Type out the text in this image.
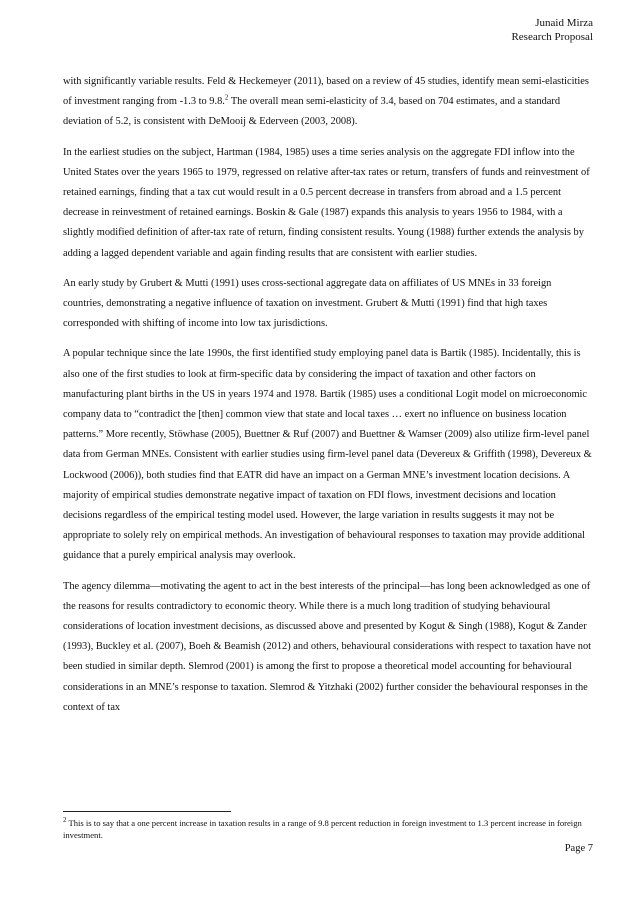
Junaid Mirza
Research Proposal

with significantly variable results. Feld & Heckemeyer (2011), based on a review of 45 studies, identify mean semi-elasticities of investment ranging from -1.3 to 9.8.$^2$ The overall mean semi-elasticity of 3.4, based on 704 estimates, and a standard deviation of 5.2, is consistent with DeMooij & Ederveen (2003, 2008).

In the earliest studies on the subject, Hartman (1984, 1985) uses a time series analysis on the aggregate FDI inflow into the United States over the years 1965 to 1979, regressed on relative after-tax rates or return, transfers of funds and reinvestment of retained earnings, finding that a tax cut would result in a 0.5 percent decrease in transfers from abroad and a 1.5 percent decrease in reinvestment of retained earnings. Boskin & Gale (1987) expands this analysis to years 1956 to 1984, with a slightly modified definition of after-tax rate of return, finding consistent results. Young (1988) further extends the analysis by adding a lagged dependent variable and again finding results that are consistent with earlier studies.

An early study by Grubert & Mutti (1991) uses cross-sectional aggregate data on affiliates of US MNEs in 33 foreign countries, demonstrating a negative influence of taxation on investment. Grubert & Mutti (1991) find that high taxes corresponded with shifting of income into low tax jurisdictions.

A popular technique since the late 1990s, the first identified study employing panel data is Bartik (1985). Incidentally, this is also one of the first studies to look at firm-specific data by considering the impact of taxation and other factors on manufacturing plant births in the US in years 1974 and 1978. Bartik (1985) uses a conditional Logit model on microeconomic company data to “contradict the [then] common view that state and local taxes … exert no influence on business location patterns.” More recently, Stöwhase (2005), Buettner & Ruf (2007) and Buettner & Wamser (2009) also utilize firm-level panel data from German MNEs. Consistent with earlier studies using firm-level panel data (Devereux & Griffith (1998), Devereux & Lockwood (2006)), both studies find that EATR did have an impact on a German MNE’s investment location decisions. A majority of empirical studies demonstrate negative impact of taxation on FDI flows, investment decisions and location decisions regardless of the empirical testing model used. However, the large variation in results suggests it may not be appropriate to solely rely on empirical methods. An investigation of behavioural responses to taxation may provide additional guidance that a purely empirical analysis may overlook.

The agency dilemma—motivating the agent to act in the best interests of the principal—has long been acknowledged as one of the reasons for results contradictory to economic theory. While there is a much long tradition of studying behavioural considerations of location investment decisions, as discussed above and presented by Kogut & Singh (1988), Kogut & Zander (1993), Buckley et al. (2007), Boeh & Beamish (2012) and others, behavioural considerations with respect to taxation have not been studied in similar depth. Slemrod (2001) is among the first to propose a theoretical model accounting for behavioural considerations in an MNE’s response to taxation. Slemrod & Yitzhaki (2002) further consider the behavioural responses in the context of tax

$^2$ This is to say that a one percent increase in taxation results in a range of 9.8 percent reduction in foreign investment to 1.3 percent increase in foreign investment.
Page 7
